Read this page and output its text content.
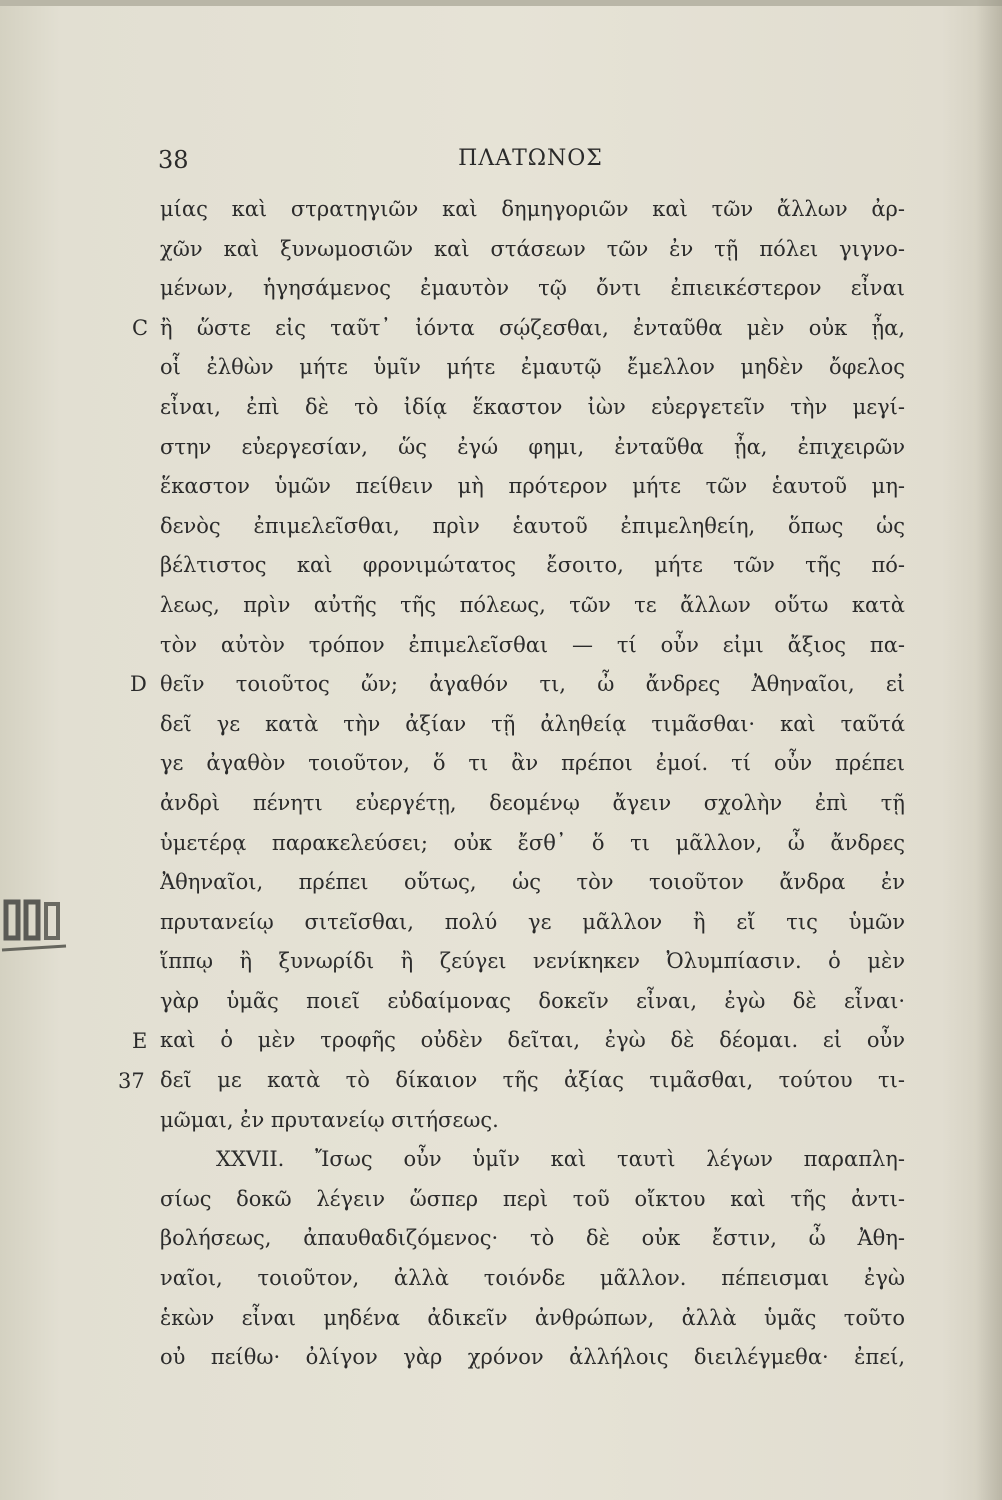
38	ΠΛΑΤΩΝΟΣ
C
D
E
37
μίας καὶ στρατηγιῶν καὶ δημηγοριῶν καὶ τῶν ἄλλων ἀρ-
χῶν καὶ ξυνωμοσιῶν καὶ στάσεων τῶν ἐν τῇ πόλει γιγνο-
μένων, ἡγησάμενος ἐμαυτὸν τῷ ὄντι ἐπιεικέστερον εἶναι
ἢ ὥστε εἰς ταῦτ᾽ ἰόντα σῴζεσθαι, ἐνταῦθα μὲν οὐκ ᾖα,
οἷ ἐλθὼν μήτε ὑμῖν μήτε ἐμαυτῷ ἔμελλον μηδὲν ὄφελος
εἶναι, ἐπὶ δὲ τὸ ἰδίᾳ ἕκαστον ἰὼν εὐεργετεῖν τὴν μεγί-
στην εὐεργεσίαν, ὥς ἐγώ φημι, ἐνταῦθα ᾖα, ἐπιχειρῶν
ἕκαστον ὑμῶν πείθειν μὴ πρότερον μήτε τῶν ἑαυτοῦ μη-
δενὸς ἐπιμελεῖσθαι, πρὶν ἑαυτοῦ ἐπιμεληθείη, ὅπως ὡς
βέλτιστος καὶ φρονιμώτατος ἔσοιτο, μήτε τῶν τῆς πό-
λεως, πρὶν αὐτῆς τῆς πόλεως, τῶν τε ἄλλων οὕτω κατὰ
τὸν αὐτὸν τρόπον ἐπιμελεῖσθαι — τί οὖν εἰμι ἄξιος πα-
θεῖν τοιοῦτος ὤν; ἀγαθόν τι, ὦ ἄνδρες Ἀθηναῖοι, εἰ
δεῖ γε κατὰ τὴν ἀξίαν τῇ ἀληθείᾳ τιμᾶσθαι· καὶ ταῦτά
γε ἀγαθὸν τοιοῦτον, ὅ τι ἂν πρέποι ἐμοί. τί οὖν πρέπει
ἀνδρὶ πένητι εὐεργέτῃ, δεομένῳ ἄγειν σχολὴν ἐπὶ τῇ
ὑμετέρᾳ παρακελεύσει; οὐκ ἔσθ᾽ ὅ τι μᾶλλον, ὦ ἄνδρες
Ἀθηναῖοι, πρέπει οὕτως, ὡς τὸν τοιοῦτον ἄνδρα ἐν
πρυτανείῳ σιτεῖσθαι, πολύ γε μᾶλλον ἢ εἴ τις ὑμῶν
ἵππῳ ἢ ξυνωρίδι ἢ ζεύγει νενίκηκεν Ὀλυμπίασιν. ὁ μὲν
γὰρ ὑμᾶς ποιεῖ εὐδαίμονας δοκεῖν εἶναι, ἐγὼ δὲ εἶναι·
καὶ ὁ μὲν τροφῆς οὐδὲν δεῖται, ἐγὼ δὲ δέομαι. εἰ οὖν
δεῖ με κατὰ τὸ δίκαιον τῆς ἀξίας τιμᾶσθαι, τούτου τι-
μῶμαι, ἐν πρυτανείῳ σιτήσεως.
XXVII. Ἴσως οὖν ὑμῖν καὶ ταυτὶ λέγων παραπλη-
σίως δοκῶ λέγειν ὥσπερ περὶ τοῦ οἴκτου καὶ τῆς ἀντι-
βολήσεως, ἀπαυθαδιζόμενος· τὸ δὲ οὐκ ἔστιν, ὦ Ἀθη-
ναῖοι, τοιοῦτον, ἀλλὰ τοιόνδε μᾶλλον. πέπεισμαι ἐγὼ
ἑκὼν εἶναι μηδένα ἀδικεῖν ἀνθρώπων, ἀλλὰ ὑμᾶς τοῦτο
οὐ πείθω· ὀλίγον γὰρ χρόνον ἀλλήλοις διειλέγμεθα· ἐπεί,
